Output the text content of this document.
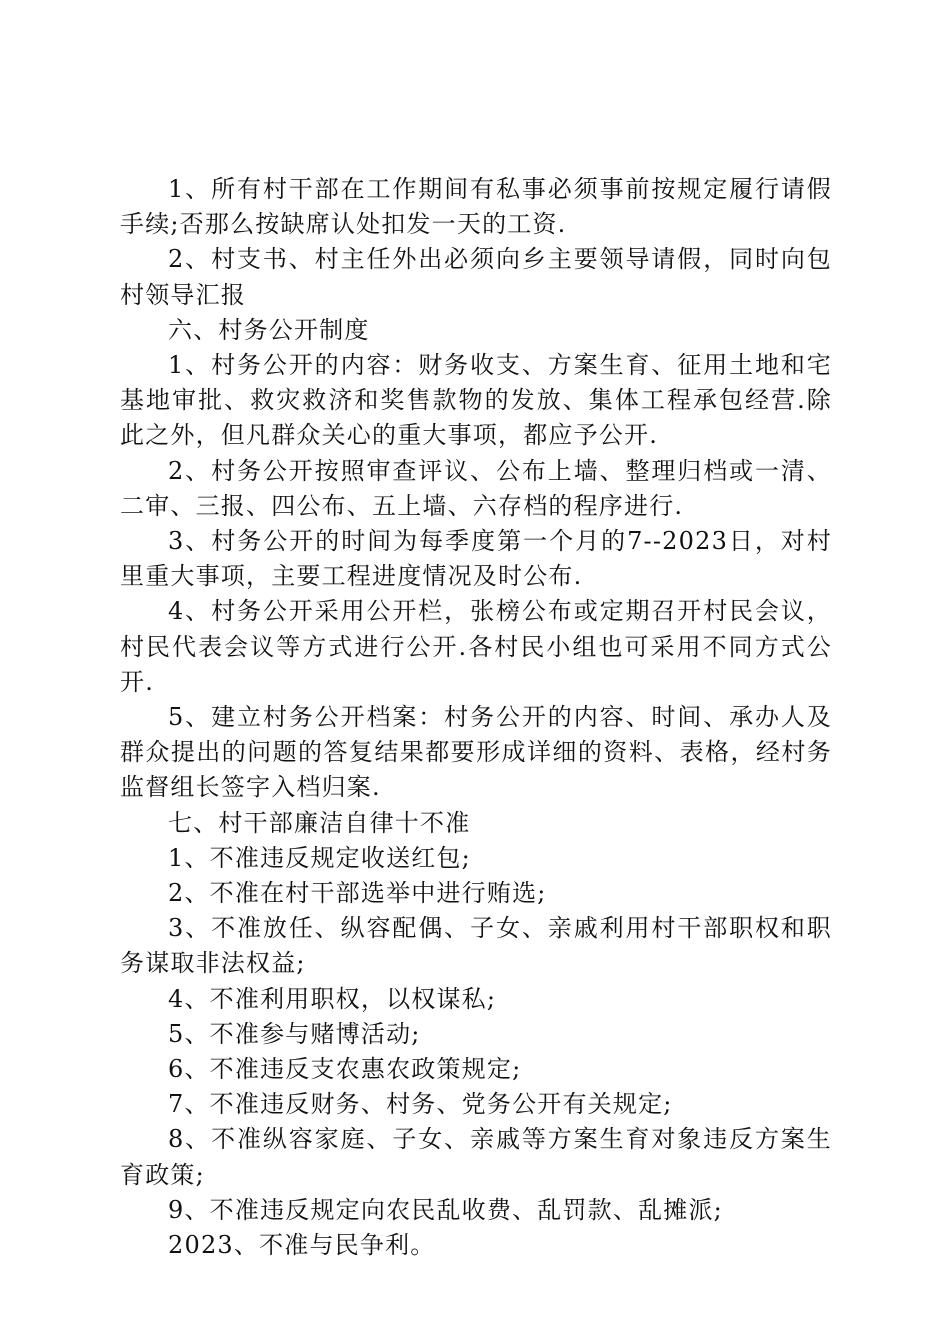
1、所有村干部在工作期间有私事必须事前按规定履行请假手续;否那么按缺席认处扣发一天的工资.

2、村支书、村主任外出必须向乡主要领导请假，同时向包村领导汇报

六、村务公开制度

1、村务公开的内容：财务收支、方案生育、征用土地和宅基地审批、救灾救济和奖售款物的发放、集体工程承包经营.除此之外，但凡群众关心的重大事项，都应予公开.

2、村务公开按照审查评议、公布上墙、整理归档或一清、二审、三报、四公布、五上墙、六存档的程序进行.

3、村务公开的时间为每季度第一个月的7--2023日，对村里重大事项，主要工程进度情况及时公布.

4、村务公开采用公开栏，张榜公布或定期召开村民会议，村民代表会议等方式进行公开.各村民小组也可采用不同方式公开.

5、建立村务公开档案：村务公开的内容、时间、承办人及群众提出的问题的答复结果都要形成详细的资料、表格，经村务监督组长签字入档归案.

七、村干部廉洁自律十不准

1、不准违反规定收送红包;

2、不准在村干部选举中进行贿选;

3、不准放任、纵容配偶、子女、亲戚利用村干部职权和职务谋取非法权益;

4、不准利用职权，以权谋私;

5、不准参与赌博活动;

6、不准违反支农惠农政策规定;

7、不准违反财务、村务、党务公开有关规定;

8、不准纵容家庭、子女、亲戚等方案生育对象违反方案生育政策;

9、不准违反规定向农民乱收费、乱罚款、乱摊派;

2023、不准与民争利。
